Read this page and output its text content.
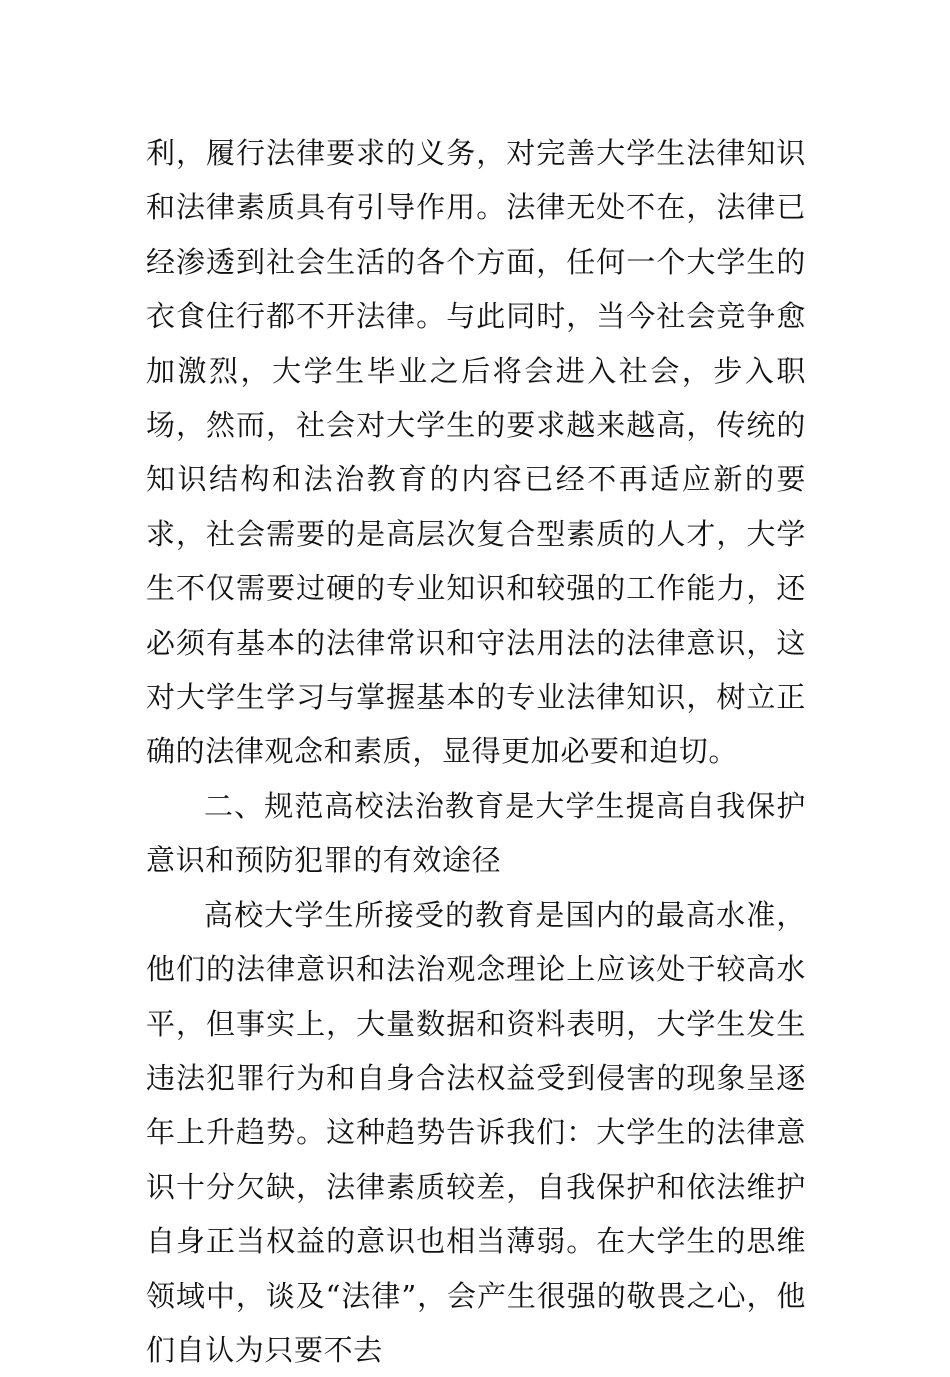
利，履行法律要求的义务，对完善大学生法律知识和法律素质具有引导作用。法律无处不在，法律已经渗透到社会生活的各个方面，任何一个大学生的衣食住行都不开法律。与此同时，当今社会竞争愈加激烈，大学生毕业之后将会进入社会，步入职场，然而，社会对大学生的要求越来越高，传统的知识结构和法治教育的内容已经不再适应新的要求，社会需要的是高层次复合型素质的人才，大学生不仅需要过硬的专业知识和较强的工作能力，还必须有基本的法律常识和守法用法的法律意识，这对大学生学习与掌握基本的专业法律知识，树立正确的法律观念和素质，显得更加必要和迫切。

二、规范高校法治教育是大学生提高自我保护意识和预防犯罪的有效途径

高校大学生所接受的教育是国内的最高水准，他们的法律意识和法治观念理论上应该处于较高水平，但事实上，大量数据和资料表明，大学生发生违法犯罪行为和自身合法权益受到侵害的现象呈逐年上升趋势。这种趋势告诉我们：大学生的法律意识十分欠缺，法律素质较差，自我保护和依法维护自身正当权益的意识也相当薄弱。在大学生的思维领域中，谈及“法律”，会产生很强的敬畏之心，他们自认为只要不去
